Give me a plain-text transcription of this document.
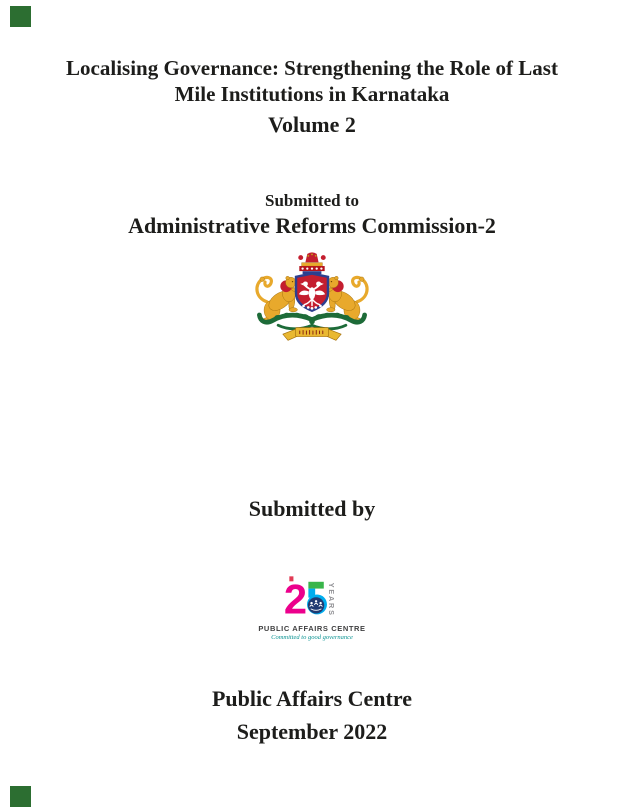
Localising Governance: Strengthening the Role of Last
Mile Institutions in Karnataka
Volume 2
Submitted to
Administrative Reforms Commission-2
Submitted by
2 YEARS
PUBLIC AFFAIRS CENTRE
Committed to good governance
Public Affairs Centre
September 2022
